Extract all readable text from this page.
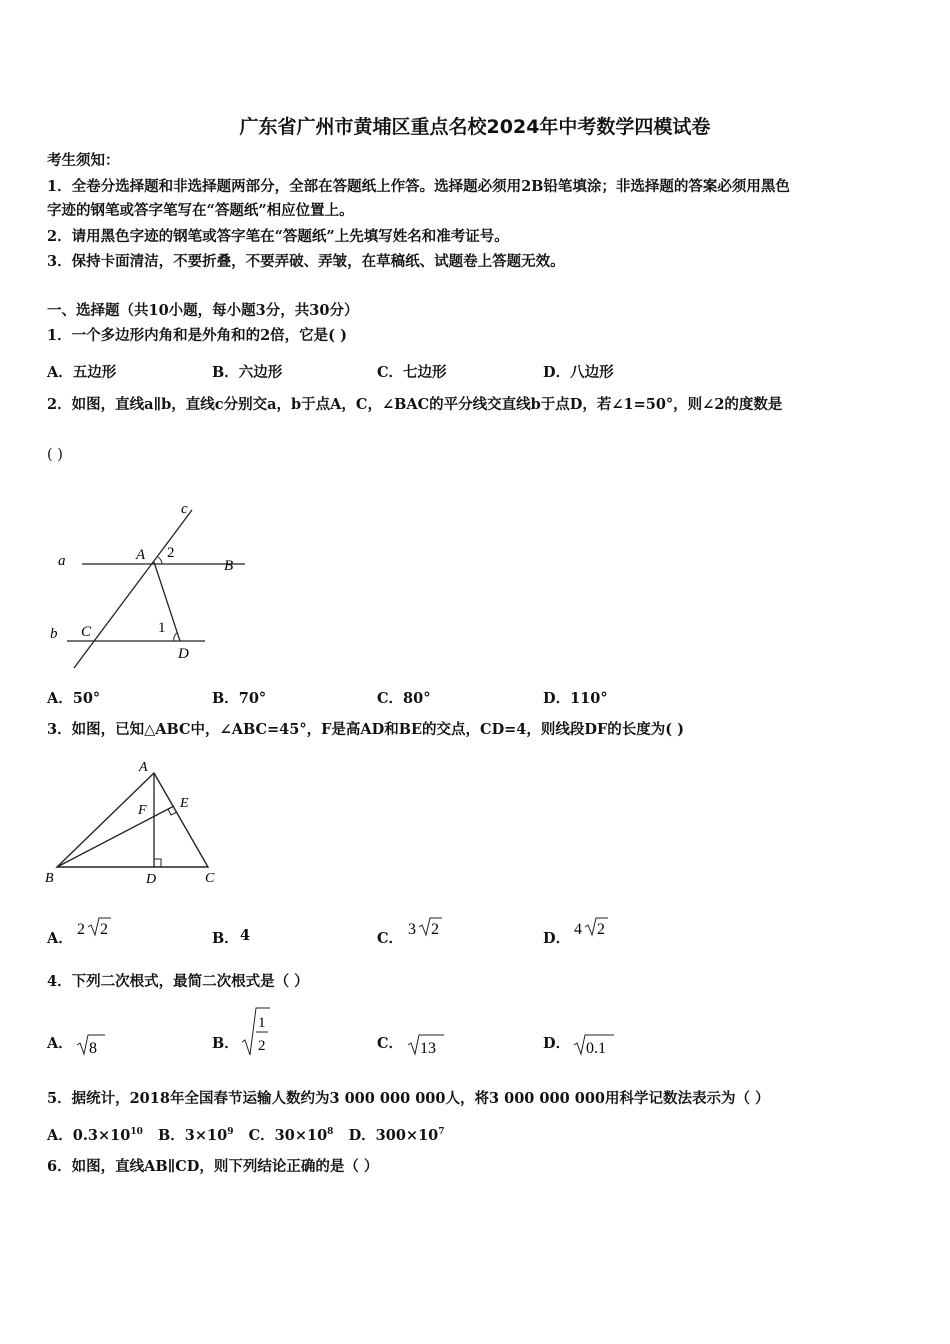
广东省广州市黄埔区重点名校2024年中考数学四模试卷
考生须知：
1．全卷分选择题和非选择题两部分，全部在答题纸上作答。选择题必须用2B铅笔填涂；非选择题的答案必须用黑色
字迹的钢笔或答字笔写在“答题纸”相应位置上。
2．请用黑色字迹的钢笔或答字笔在“答题纸”上先填写姓名和准考证号。
3．保持卡面清洁，不要折叠，不要弄破、弄皱，在草稿纸、试题卷上答题无效。
一、选择题（共10小题，每小题3分，共30分）
1．一个多边形内角和是外角和的2倍，它是( )
A．五边形	B．六边形	C．七边形	D．八边形
2．如图，直线a∥b，直线c分别交a，b于点A，C，∠BAC的平分线交直线b于点D，若∠1=50°，则∠2的度数是
( )
a	A 2
B
c
b C	1
D
A．50°	B．70°	C．80°	D．110°
3．如图，已知△ABC中，∠ABC=45°，F是高AD和BE的交点，CD=4，则线段DF的长度为( )
A
F E
B	D	C
A．
2 2
B． 4	C．
3 2
D．
4 2
4．下列二次根式，最简二次根式是（ ）
A． 8	B．
1
2	C． 13	D． 0.1
5．据统计，2018年全国春节运输人数约为3 000 000 000人，将3 000 000 000用科学记数法表示为（ ）
A．$0.3\times 10^{10}$ B．$3\times 10^9$ C．$30\times 10^8$ D．$300\times 10^7$
6．如图，直线AB∥CD，则下列结论正确的是（ ）
